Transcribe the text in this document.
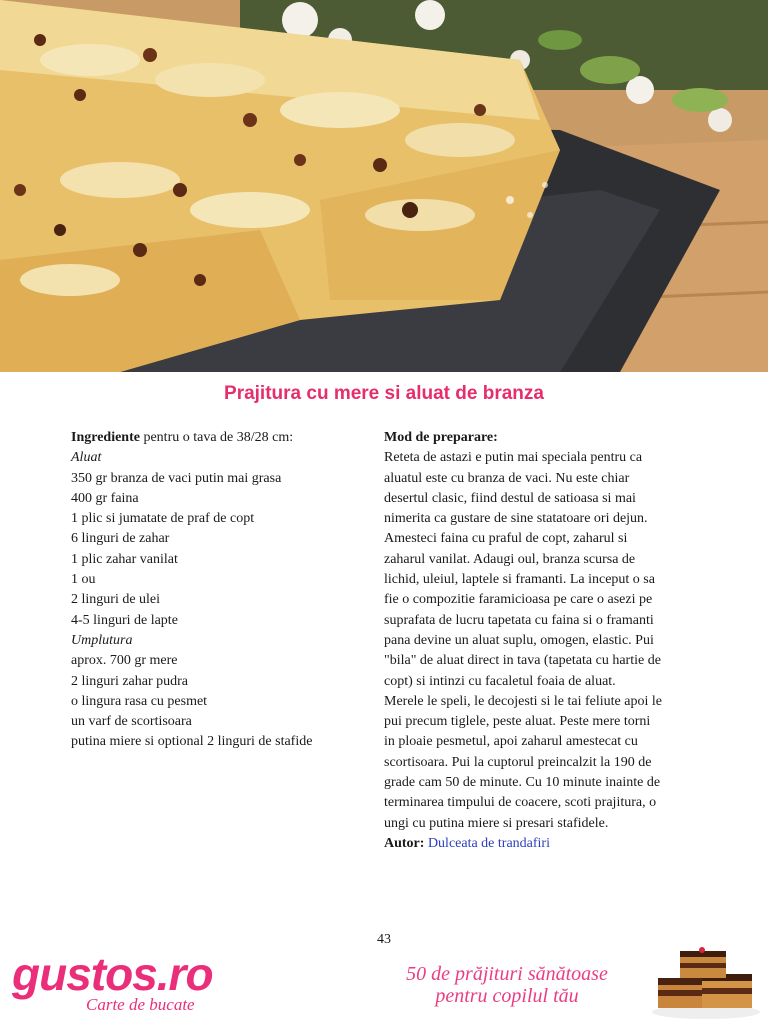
Prajitura cu mere si aluat de branza
Ingrediente pentru o tava de 38/28 cm:
Aluat
350 gr branza de vaci putin mai grasa
400 gr faina
1 plic si jumatate de praf de copt
6 linguri de zahar
1 plic zahar vanilat
1 ou
2 linguri de ulei
4-5 linguri de lapte
Umplutura
aprox. 700 gr mere
2 linguri zahar pudra
o lingura rasa cu pesmet
un varf de scortisoara
putina miere si optional 2 linguri de stafide
Mod de preparare:
Reteta de astazi e putin mai speciala pentru ca
aluatul este cu branza de vaci. Nu este chiar
desertul clasic, fiind destul de satioasa si mai
nimerita ca gustare de sine statatoare ori dejun.
Amesteci faina cu praful de copt, zaharul si
zaharul vanilat. Adaugi oul, branza scursa de
lichid, uleiul, laptele si framanti. La inceput o sa
fie o compozitie faramicioasa pe care o asezi pe
suprafata de lucru tapetata cu faina si o framanti
pana devine un aluat suplu, omogen, elastic. Pui
"bila" de aluat direct in tava (tapetata cu hartie de
copt) si intinzi cu facaletul foaia de aluat.
Merele le speli, le decojesti si le tai feliute apoi le
pui precum tiglele, peste aluat. Peste mere torni
in ploaie pesmetul, apoi zaharul amestecat cu
scortisoara. Pui la cuptorul preincalzit la 190 de
grade cam 50 de minute. Cu 10 minute inainte de
terminarea timpului de coacere, scoti prajitura, o
ungi cu putina miere si presari stafidele.
Autor: Dulceata de trandafiri
43
gustos.ro
Carte de bucate
50 de prăjituri sănătoase
pentru copilul tău
